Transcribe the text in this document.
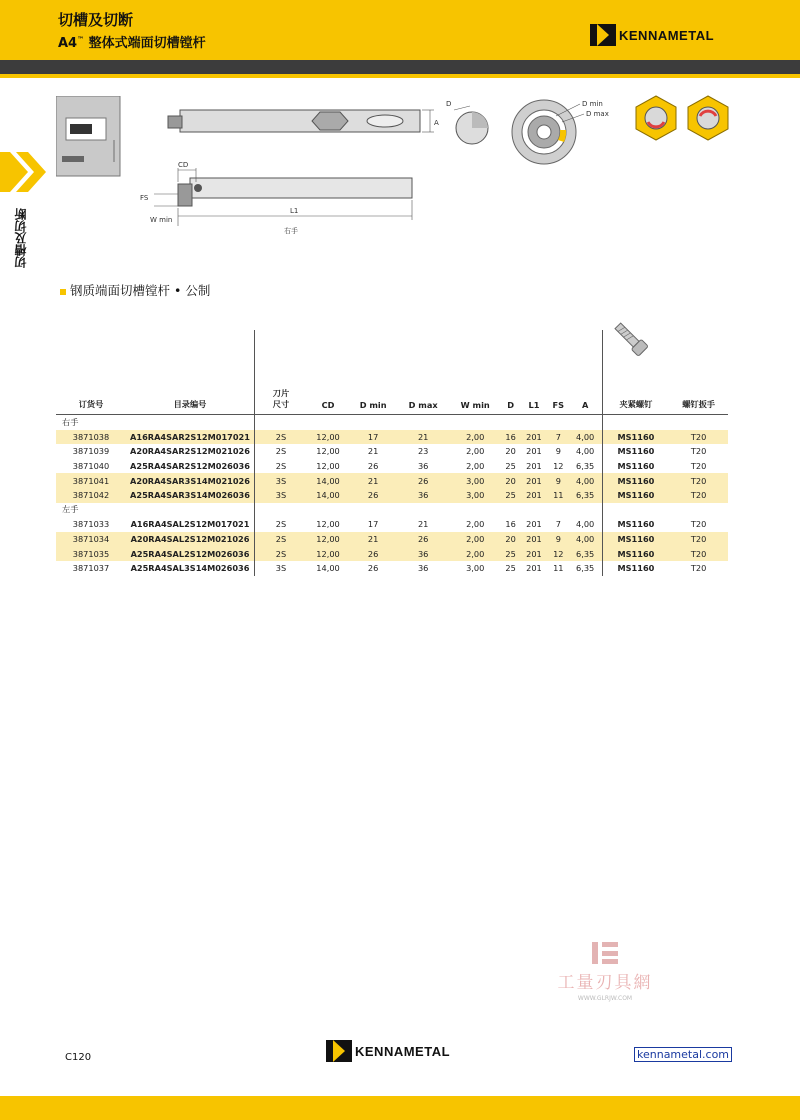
切槽及切断
A4™ 整体式端面切槽镗杆
KENNAMETAL
切槽及切断
A
D	D min
D max
CD
FS
W min
L1
右手
钢质端面切槽镗杆 • 公制
订货号	目录编号	刀片
尺寸	CD	D min	D max	W min	D	L1	FS	A	夹紧螺钉	螺钉扳手
右手												
3871038	A16RA4SAR2S12M017021	2S	12,00	17	21	2,00	16	201	7	4,00	MS1160	T20
3871039	A20RA4SAR2S12M021026	2S	12,00	21	23	2,00	20	201	9	4,00	MS1160	T20
3871040	A25RA4SAR2S12M026036	2S	12,00	26	36	2,00	25	201	12	6,35	MS1160	T20
3871041	A20RA4SAR3S14M021026	3S	14,00	21	26	3,00	20	201	9	4,00	MS1160	T20
3871042	A25RA4SAR3S14M026036	3S	14,00	26	36	3,00	25	201	11	6,35	MS1160	T20
左手												
3871033	A16RA4SAL2S12M017021	2S	12,00	17	21	2,00	16	201	7	4,00	MS1160	T20
3871034	A20RA4SAL2S12M021026	2S	12,00	21	26	2,00	20	201	9	4,00	MS1160	T20
3871035	A25RA4SAL2S12M026036	2S	12,00	26	36	2,00	25	201	12	6,35	MS1160	T20
3871037	A25RA4SAL3S14M026036	3S	14,00	26	36	3,00	25	201	11	6,35	MS1160	T20
工量刃具網
WWW.GLRJW.COM
C120	KENNAMETAL	kennametal.com
